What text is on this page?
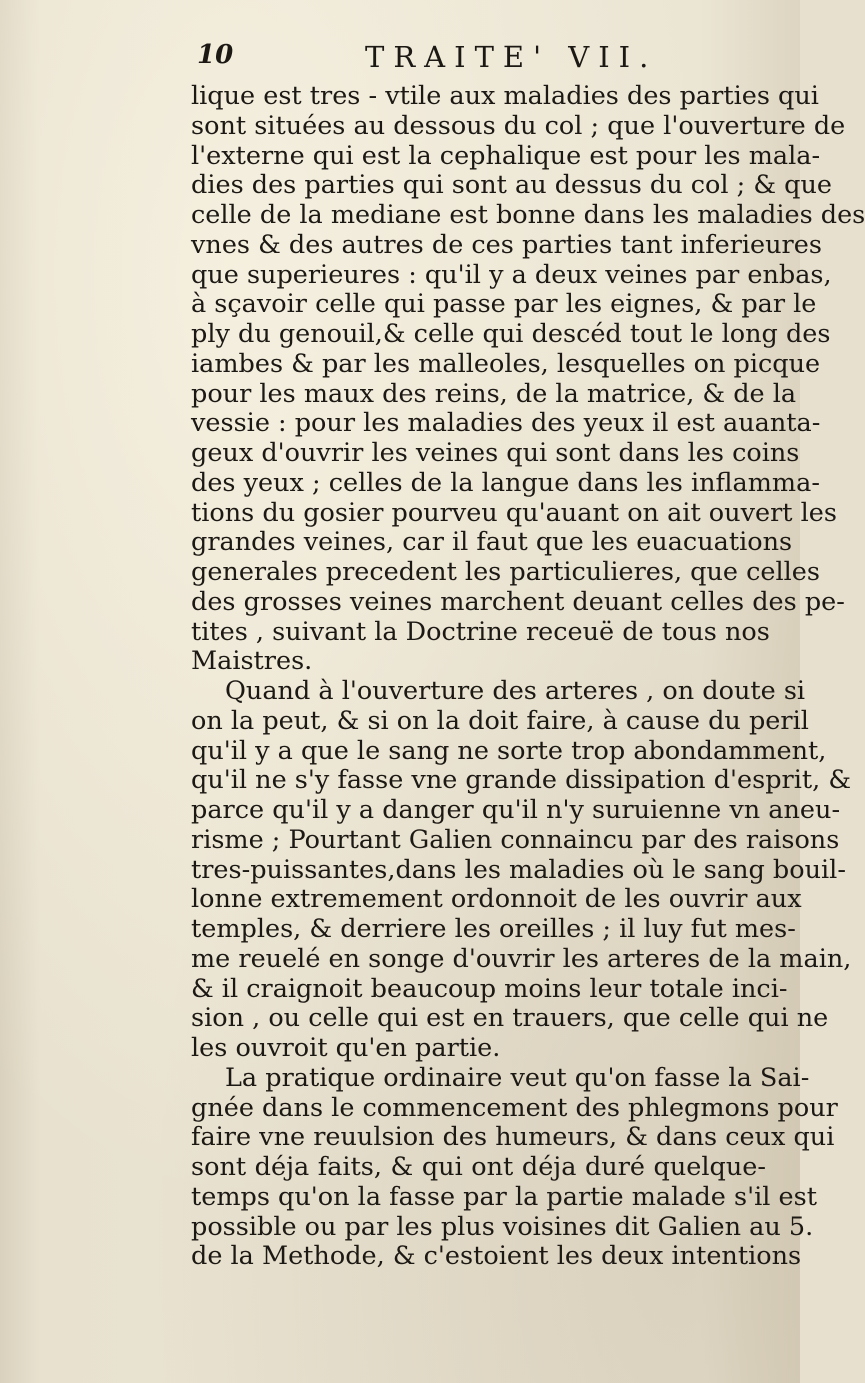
10	TRAITE' VII.
lique est tres - vtile aux maladies des parties qui
sont situées au dessous du col ; que l'ouverture de
l'externe qui est la cephalique est pour les mala-
dies des parties qui sont au dessus du col ; & que
celle de la mediane est bonne dans les maladies des
vnes & des autres de ces parties tant inferieures
que superieures : qu'il y a deux veines par enbas,
à sçavoir celle qui passe par les eignes, & par le
ply du genouil,& celle qui descéd tout le long des
iambes & par les malleoles, lesquelles on picque
pour les maux des reins, de la matrice, & de la
vessie : pour les maladies des yeux il est auanta-
geux d'ouvrir les veines qui sont dans les coins
des yeux ; celles de la langue dans les inflamma-
tions du gosier pourveu qu'auant on ait ouvert les
grandes veines, car il faut que les euacuations
generales precedent les particulieres, que celles
des grosses veines marchent deuant celles des pe-
tites , suivant la Doctrine receuë de tous nos
Maistres.
Quand à l'ouverture des arteres , on doute si
on la peut, & si on la doit faire, à cause du peril
qu'il y a que le sang ne sorte trop abondamment,
qu'il ne s'y fasse vne grande dissipation d'esprit, &
parce qu'il y a danger qu'il n'y suruienne vn aneu-
risme ; Pourtant Galien connaincu par des raisons
tres-puissantes,dans les maladies où le sang bouil-
lonne extremement ordonnoit de les ouvrir aux
temples, & derriere les oreilles ; il luy fut mes-
me reuelé en songe d'ouvrir les arteres de la main,
& il craignoit beaucoup moins leur totale inci-
sion , ou celle qui est en trauers, que celle qui ne
les ouvroit qu'en partie.
La pratique ordinaire veut qu'on fasse la Sai-
gnée dans le commencement des phlegmons pour
faire vne reuulsion des humeurs, & dans ceux qui
sont déja faits, & qui ont déja duré quelque-
temps qu'on la fasse par la partie malade s'il est
possible ou par les plus voisines dit Galien au 5.
de la Methode, & c'estoient les deux intentions
